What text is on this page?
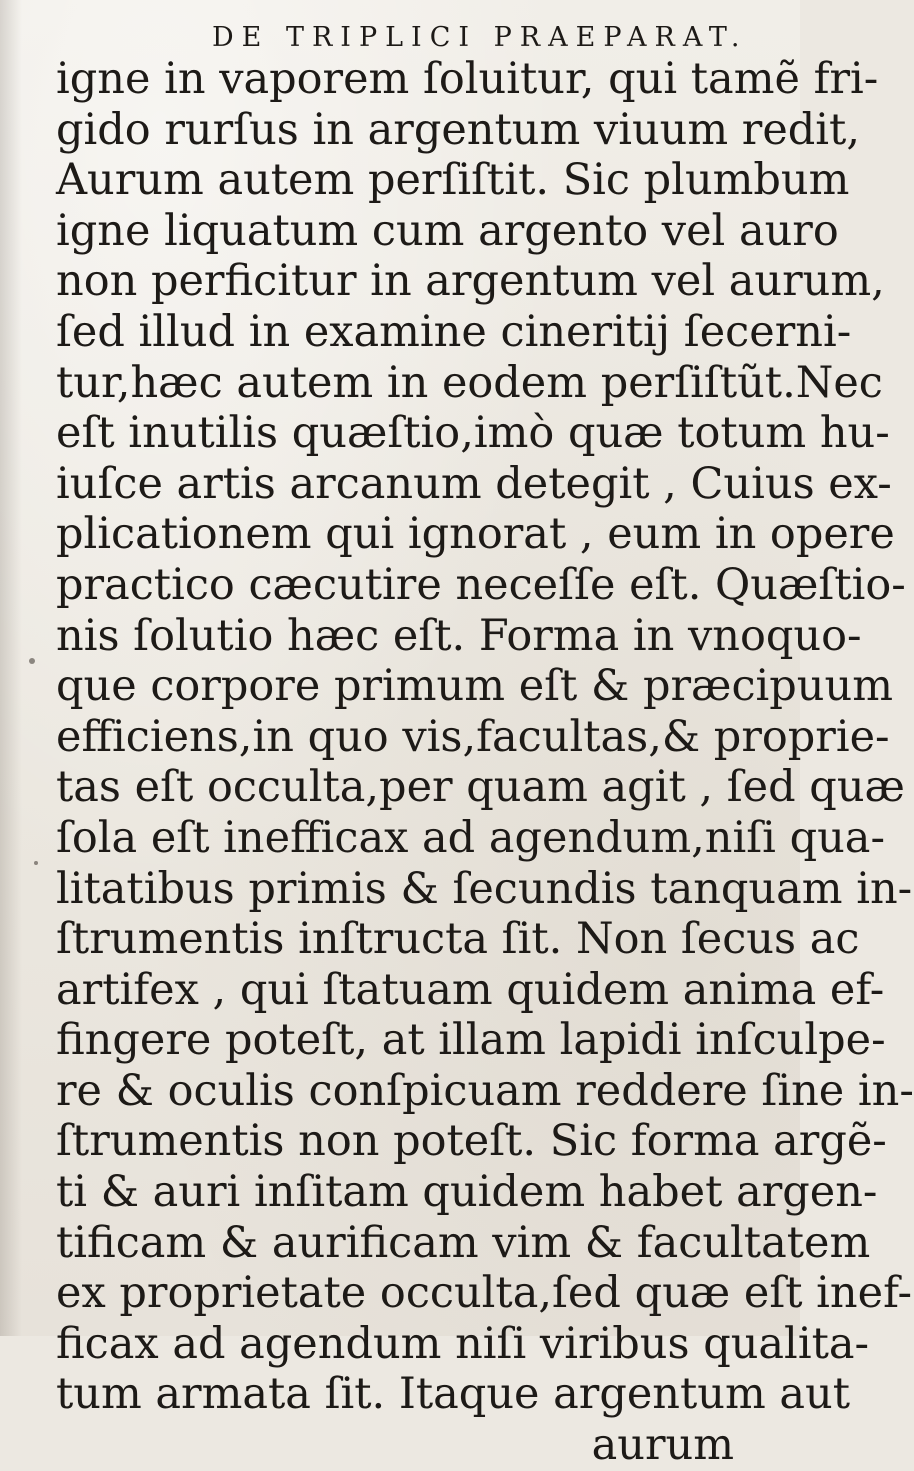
DE TRIPLICI PRAEPARAT.
igne in vaporem ſoluitur, qui tamẽ fri-
gido rurſus in argentum viuum redit,
Aurum autem perſiſtit. Sic plumbum
igne liquatum cum argento vel auro
non perficitur in argentum vel aurum,
ſed illud in examine cineritij ſecerni-
tur,hæc autem in eodem perſiſtũt.Nec
eſt inutilis quæſtio,imò quæ totum hu-
iuſce artis arcanum detegit , Cuius ex-
plicationem qui ignorat , eum in opere
practico cæcutire neceſſe eſt. Quæſtio-
nis ſolutio hæc eſt. Forma in vnoquo-
que corpore primum eſt & præcipuum
efficiens,in quo vis,facultas,& proprie-
tas eſt occulta,per quam agit , ſed quæ
ſola eſt inefficax ad agendum,niſi qua-
litatibus primis & ſecundis tanquam in-
ſtrumentis inſtructa ſit. Non ſecus ac
artifex , qui ſtatuam quidem anima ef-
fingere poteſt, at illam lapidi inſculpe-
re & oculis conſpicuam reddere ſine in-
ſtrumentis non poteſt. Sic forma argẽ-
ti & auri inſitam quidem habet argen-
tificam & aurificam vim & facultatem
ex proprietate occulta,ſed quæ eſt inef-
ficax ad agendum niſi viribus qualita-
tum armata ſit. Itaque argentum aut
aurum
